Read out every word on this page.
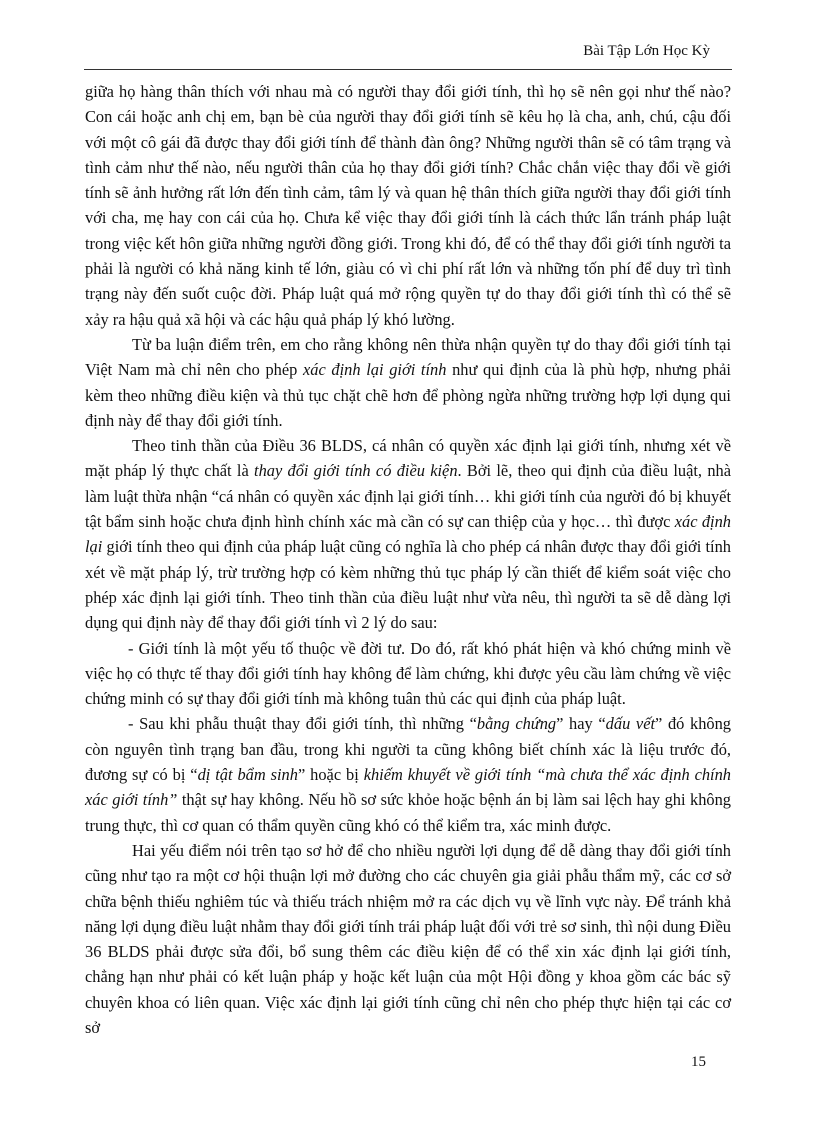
Bài Tập Lớn Học Kỳ

giữa họ hàng thân thích với nhau mà có người thay đổi giới tính, thì họ sẽ nên gọi như thế nào? Con cái hoặc anh chị em, bạn bè của người thay đổi giới tính sẽ kêu họ là cha, anh, chú, cậu đối với một cô gái đã được thay đổi giới tính để thành đàn ông? Những người thân sẽ có tâm trạng và tình cảm như thế nào, nếu người thân của họ thay đổi giới tính? Chắc chắn việc thay đổi về giới tính sẽ ảnh hưởng rất lớn đến tình cảm, tâm lý và quan hệ thân thích giữa người thay đổi giới tính với cha, mẹ hay con cái của họ. Chưa kể việc thay đổi giới tính là cách thức lẩn tránh pháp luật trong việc kết hôn giữa những người đồng giới. Trong khi đó, để có thể thay đổi giới tính người ta phải là người có khả năng kinh tế lớn, giàu có vì chi phí rất lớn và những tốn phí để duy trì tình trạng này đến suốt cuộc đời. Pháp luật quá mở rộng quyền tự do thay đổi giới tính thì có thể sẽ xảy ra hậu quả xã hội và các hậu quả pháp lý khó lường.

Từ ba luận điểm trên, em cho rằng không nên thừa nhận quyền tự do thay đổi giới tính tại Việt Nam mà chỉ nên cho phép xác định lại giới tính như qui định của là phù hợp, nhưng phải kèm theo những điều kiện và thủ tục chặt chẽ hơn để phòng ngừa những trường hợp lợi dụng qui định này để thay đổi giới tính.

Theo tinh thần của Điều 36 BLDS, cá nhân có quyền xác định lại giới tính, nhưng xét về mặt pháp lý thực chất là thay đổi giới tính có điều kiện. Bởi lẽ, theo qui định của điều luật, nhà làm luật thừa nhận “cá nhân có quyền xác định lại giới tính… khi giới tính của người đó bị khuyết tật bẩm sinh hoặc chưa định hình chính xác mà cần có sự can thiệp của y học… thì được xác định lại giới tính theo qui định của pháp luật cũng có nghĩa là cho phép cá nhân được thay đổi giới tính xét về mặt pháp lý, trừ trường hợp có kèm những thủ tục pháp lý cần thiết để kiểm soát việc cho phép xác định lại giới tính. Theo tinh thần của điều luật như vừa nêu, thì người ta sẽ dễ dàng lợi dụng qui định này để thay đổi giới tính vì 2 lý do sau:

- Giới tính là một yếu tố thuộc về đời tư. Do đó, rất khó phát hiện và khó chứng minh về việc họ có thực tế thay đổi giới tính hay không để làm chứng, khi được yêu cầu làm chứng về việc chứng minh có sự thay đổi giới tính mà không tuân thủ các qui định của pháp luật.

- Sau khi phẫu thuật thay đổi giới tính, thì những “bằng chứng” hay “dấu vết” đó không còn nguyên tình trạng ban đầu, trong khi người ta cũng không biết chính xác là liệu trước đó, đương sự có bị “dị tật bẩm sinh” hoặc bị khiếm khuyết về giới tính “mà chưa thể xác định chính xác giới tính” thật sự hay không. Nếu hồ sơ sức khỏe hoặc bệnh án bị làm sai lệch hay ghi không trung thực, thì cơ quan có thẩm quyền cũng khó có thể kiểm tra, xác minh được.

Hai yếu điểm nói trên tạo sơ hở để cho nhiều người lợi dụng để dễ dàng thay đổi giới tính cũng như tạo ra một cơ hội thuận lợi mở đường cho các chuyên gia giải phẫu thẩm mỹ, các cơ sở chữa bệnh thiếu nghiêm túc và thiếu trách nhiệm mở ra các dịch vụ về lĩnh vực này. Để tránh khả năng lợi dụng điều luật nhằm thay đổi giới tính trái pháp luật đối với trẻ sơ sinh, thì nội dung Điều 36 BLDS phải được sửa đổi, bổ sung thêm các điều kiện để có thể xin xác định lại giới tính, chẳng hạn như phải có kết luận pháp y hoặc kết luận của một Hội đồng y khoa gồm các bác sỹ chuyên khoa có liên quan. Việc xác định lại giới tính cũng chỉ nên cho phép thực hiện tại các cơ sở

15
